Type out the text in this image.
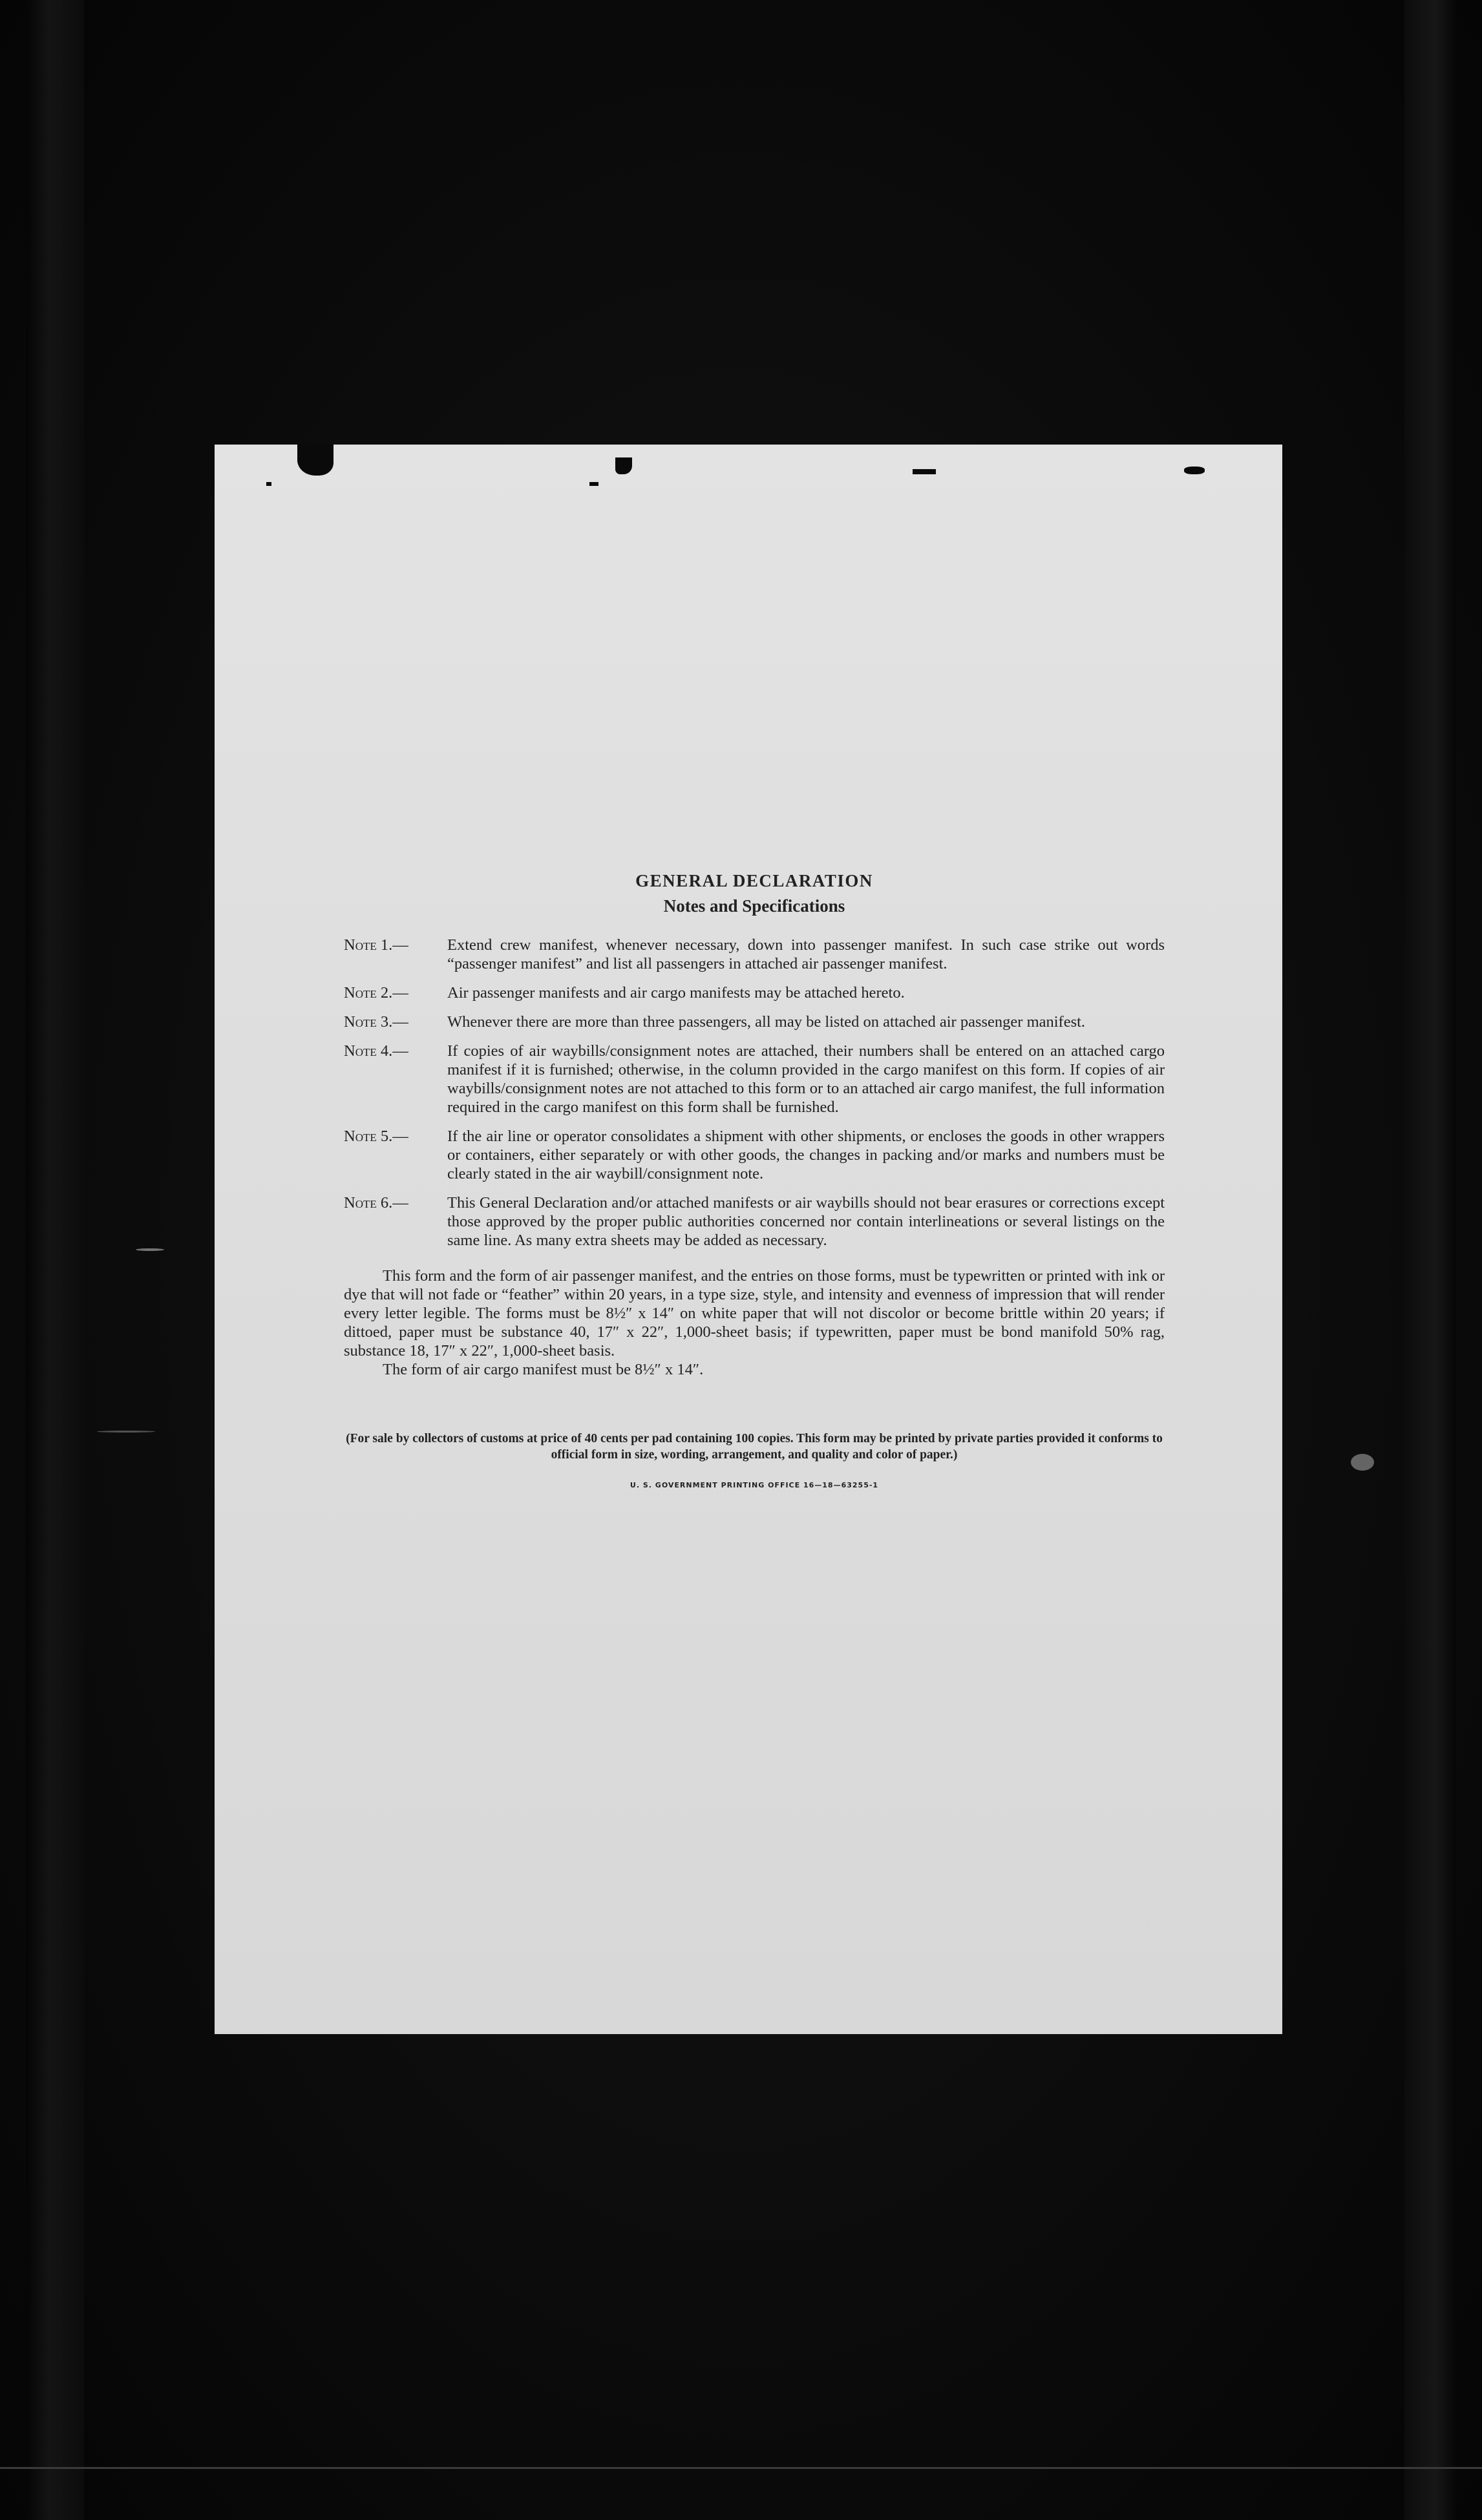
GENERAL DECLARATION
Notes and Specifications
Note 1.— Extend crew manifest, whenever necessary, down into passenger manifest. In such case strike out words “passenger manifest” and list all passengers in attached air passenger manifest.
Note 2.— Air passenger manifests and air cargo manifests may be attached hereto.
Note 3.— Whenever there are more than three passengers, all may be listed on attached air passenger manifest.
Note 4.— If copies of air waybills/consignment notes are attached, their numbers shall be entered on an attached cargo manifest if it is furnished; otherwise, in the column provided in the cargo manifest on this form. If copies of air waybills/consignment notes are not attached to this form or to an attached air cargo manifest, the full information required in the cargo manifest on this form shall be furnished.
Note 5.— If the air line or operator consolidates a shipment with other shipments, or encloses the goods in other wrappers or containers, either separately or with other goods, the changes in packing and/or marks and numbers must be clearly stated in the air waybill/consignment note.
Note 6.— This General Declaration and/or attached manifests or air waybills should not bear erasures or corrections except those approved by the proper public authorities concerned nor contain interlineations or several listings on the same line. As many extra sheets may be added as necessary.

This form and the form of air passenger manifest, and the entries on those forms, must be typewritten or printed with ink or dye that will not fade or “feather” within 20 years, in a type size, style, and intensity and evenness of impression that will render every letter legible. The forms must be 8½″ x 14″ on white paper that will not discolor or become brittle within 20 years; if dittoed, paper must be substance 40, 17″ x 22″, 1,000-sheet basis; if typewritten, paper must be bond manifold 50% rag, substance 18, 17″ x 22″, 1,000-sheet basis.

The form of air cargo manifest must be 8½″ x 14″.

(For sale by collectors of customs at price of 40 cents per pad containing 100 copies. This form may be printed by private parties provided it conforms to official form in size, wording, arrangement, and quality and color of paper.)

U. S. GOVERNMENT PRINTING OFFICE 16—18—63255-1
